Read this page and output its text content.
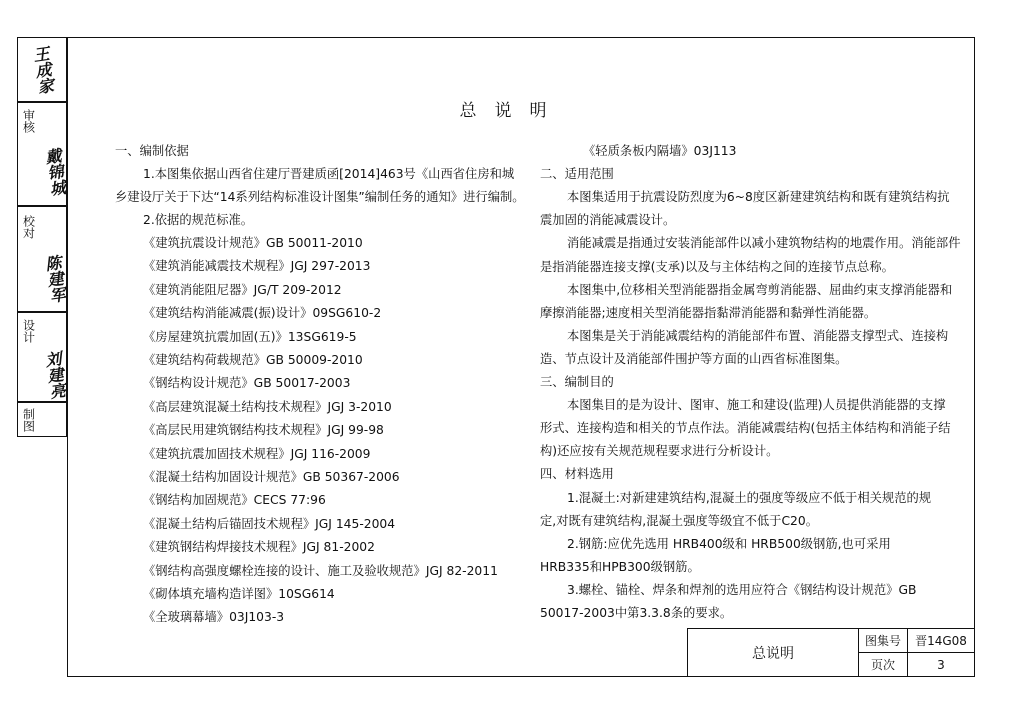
王成家
审核
戴锦城
校对
陈建军
设计
刘建亮
制图
总说明
一、编制依据
1.本图集依据山西省住建厅晋建质函[2014]463号《山西省住房和城
乡建设厅关于下达“14系列结构标准设计图集”编制任务的通知》进行编制。
2.依据的规范标准。
《建筑抗震设计规范》GB 50011-2010
《建筑消能减震技术规程》JGJ 297-2013
《建筑消能阻尼器》JG/T 209-2012
《建筑结构消能减震(振)设计》09SG610-2
《房屋建筑抗震加固(五)》13SG619-5
《建筑结构荷载规范》GB 50009-2010
《钢结构设计规范》GB 50017-2003
《高层建筑混凝土结构技术规程》JGJ 3-2010
《高层民用建筑钢结构技术规程》JGJ 99-98
《建筑抗震加固技术规程》JGJ 116-2009
《混凝土结构加固设计规范》GB 50367-2006
《钢结构加固规范》CECS 77:96
《混凝土结构后锚固技术规程》JGJ 145-2004
《建筑钢结构焊接技术规程》JGJ 81-2002
《钢结构高强度螺栓连接的设计、施工及验收规范》JGJ 82-2011
《砌体填充墙构造详图》10SG614
《全玻璃幕墙》03J103-3
《轻质条板内隔墙》03J113
二、适用范围
本图集适用于抗震设防烈度为6~8度区新建建筑结构和既有建筑结构抗
震加固的消能减震设计。
消能减震是指通过安装消能部件以减小建筑物结构的地震作用。消能部件
是指消能器连接支撑(支承)以及与主体结构之间的连接节点总称。
本图集中,位移相关型消能器指金属弯剪消能器、屈曲约束支撑消能器和
摩擦消能器;速度相关型消能器指黏滞消能器和黏弹性消能器。
本图集是关于消能减震结构的消能部件布置、消能器支撑型式、连接构
造、节点设计及消能部件围护等方面的山西省标准图集。
三、编制目的
本图集目的是为设计、图审、施工和建设(监理)人员提供消能器的支撑
形式、连接构造和相关的节点作法。消能减震结构(包括主体结构和消能子结
构)还应按有关规范规程要求进行分析设计。
四、材料选用
1.混凝土:对新建建筑结构,混凝土的强度等级应不低于相关规范的规
定,对既有建筑结构,混凝土强度等级宜不低于C20。
2.钢筋:应优先选用 HRB400级和 HRB500级钢筋,也可采用
HRB335和HPB300级钢筋。
3.螺栓、锚栓、焊条和焊剂的选用应符合《钢结构设计规范》GB
50017-2003中第3.3.8条的要求。
总说明
图集号 晋14G08
页次	3
